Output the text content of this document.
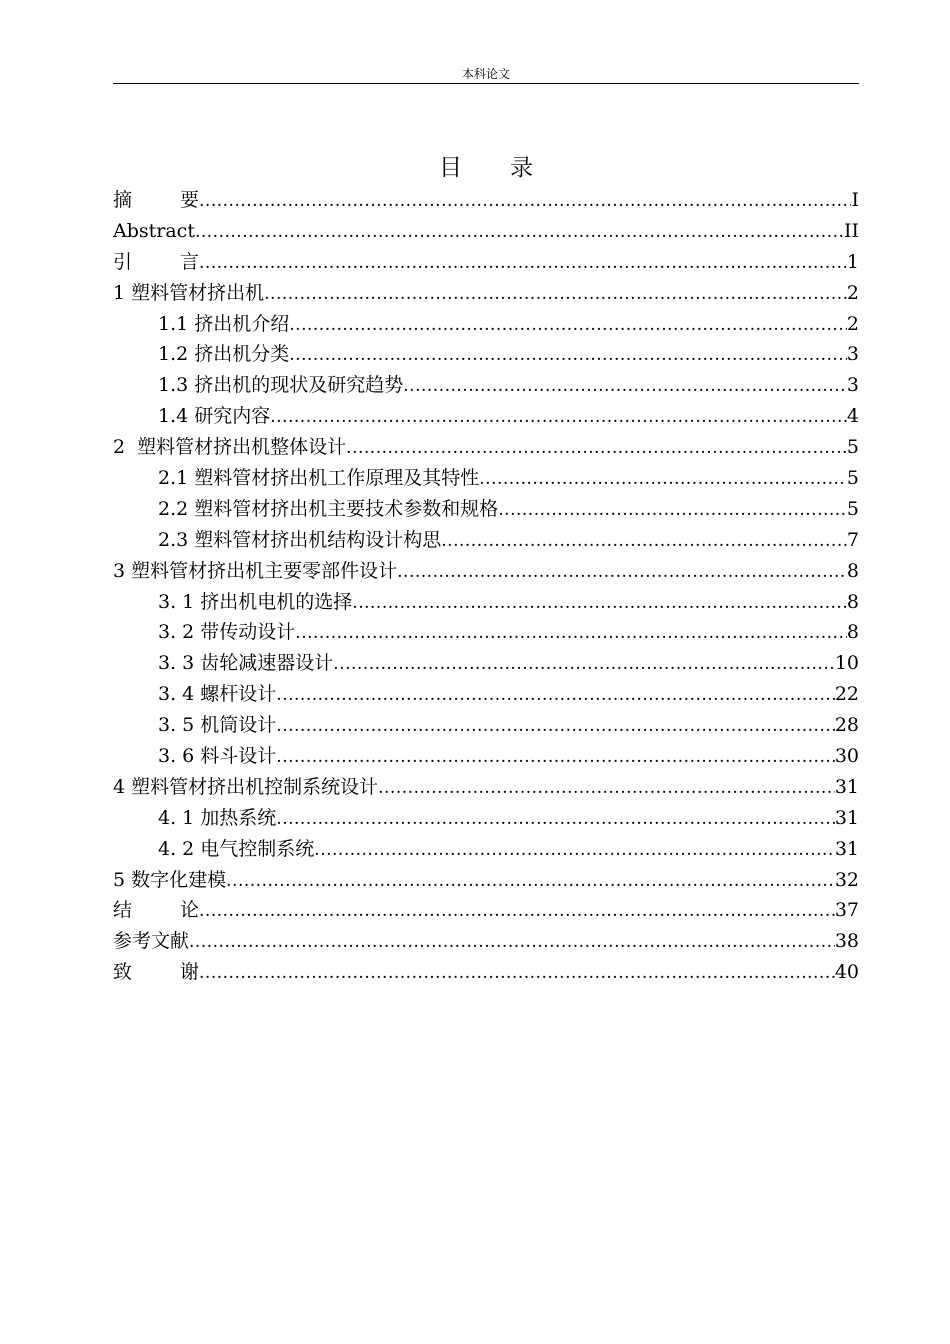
本科论文
目 录
摘	要 .....	I
Abstract .....	II
引	言 .....	1
1 塑料管材挤出机 .....	2
1.1 挤出机介绍 .....	2
1.2 挤出机分类 .....	3
1.3 挤出机的现状及研究趋势 .....	3
1.4 研究内容 .....	4
2  塑料管材挤出机整体设计 .....	5
2.1 塑料管材挤出机工作原理及其特性 .....	5
2.2 塑料管材挤出机主要技术参数和规格 .....	5
2.3 塑料管材挤出机结构设计构思 .....	7
3 塑料管材挤出机主要零部件设计 .....	8
3. 1 挤出机电机的选择 .....	8
3. 2 带传动设计 .....	8
3. 3 齿轮减速器设计 .....	10
3. 4 螺杆设计 .....	22
3. 5 机筒设计 .....	28
3. 6 料斗设计 .....	30
4 塑料管材挤出机控制系统设计 .....	31
4. 1 加热系统 .....	31
4. 2 电气控制系统 .....	31
5 数字化建模 .....	32
结	论 .....	37
参考文献 .....	38
致	谢 .....	40
